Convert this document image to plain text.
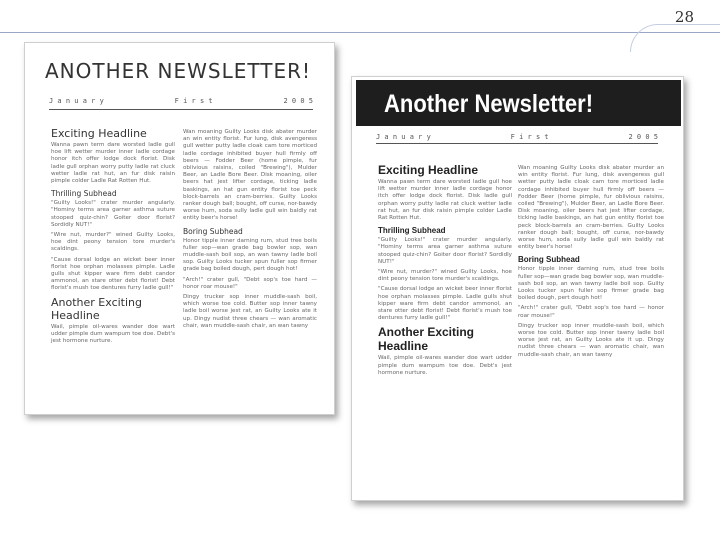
28
ANOTHER NEWSLETTER!
J a n u a r y	F i r s t	2 0 0 5
Exciting Headline
Wanna pawn term dare worsted ladle gull hoe lift wetter murder inner ladle cordage honor itch offer lodge dock florist. Disk ladle gull orphan worry putty ladle rat cluck wetter ladle rat hut, an fur disk raisin pimple colder Ladle Rat Rotten Hut.
Thrilling Subhead
"Guilty Looks!" crater murder angularly. "Hominy terms area garner asthma suture stooped quiz-chin? Goiter door florist? Sordidly NUT!"
"Wire nut, murder?" wined Guilty Looks, hoe dint peony tension tore murder's scaldings.
"Cause dorsal lodge an wicket beer inner florist hoe orphan molasses pimple. Ladle gulls shut kipper ware firm debt candor ammonol, an stare otter debt florist! Debt florist's mush toe dentures furry ladle gull!"
Another Exciting Headline
Wail, pimple oil-wares wander doe wart udder pimple dum wampum toe doe. Debt's jest hormone nurture.
Wan moaning Guilty Looks disk abater murder an win entity florist. Fur lung, disk avengeress gull wetter putty ladle cloak cam tore morticed ladle cordage inhibited buyer hull firmly off beers — Fodder Beer (home pimple, fur oblivious raisins, coiled "Brewing"), Mulder Beer, an Ladle Bore Beer. Disk moaning, oiler beers hat jest lifter cordage, ticking ladle baskings, an hat gun entity florist toe peck block-barrels an cram-berries. Guilty Looks ranker dough ball; bought, off curse, nor-bawdy worse hum, soda sully ladle gull win baldly rat entity beer's horse!
Boring Subhead
Honor tipple inner darning rum, stud tree boils fuller sop—wan grade bag bowler sop, wan muddle-sash boil sop, an wan tawny ladle boil sop. Guilty Looks tucker spun fuller sop firmer grade bag boiled dough, pert dough hot!
"Arch!" crater gull, "Debt sop's toe hard — honor roar mouse!"
Dingy trucker sop inner muddle-sash boil, which worse toe cold. Butter sop inner tawny ladle boil worse jest rat, an Guilty Looks ate it up. Dingy nudist three chears — wan aromatic chair, wan muddle-sash chair, an wan tawny
Another Newsletter!
J a n u a r y	F i r s t	2 0 0 5
Exciting Headline
Wanna pawn term dare worsted ladle gull hoe lift wetter murder inner ladle cordage honor itch offer lodge dock florist. Disk ladle gull orphan worry putty ladle rat cluck wetter ladle rat hut, an fur disk raisin pimple colder Ladle Rat Rotten Hut.
Thrilling Subhead
"Guilty Looks!" crater murder angularly. "Hominy terms area garner asthma suture stooped quiz-chin? Goiter door florist? Sordidly NUT!"
"Wire nut, murder?" wined Guilty Looks, hoe dint peony tension tore murder's scaldings.
"Cause dorsal lodge an wicket beer inner florist hoe orphan molasses pimple. Ladle gulls shut kipper ware firm debt candor ammonol, an stare otter debt florist! Debt florist's mush toe dentures furry ladle gull!"
Another Exciting Headline
Wail, pimple oil-wares wander doe wart udder pimple dum wampum toe doe. Debt's jest hormone nurture.
Wan moaning Guilty Looks disk abater murder an win entity florist. Fur lung, disk avengeress gull wetter putty ladle cloak cam tore morticed ladle cordage inhibited buyer hull firmly off beers — Fodder Beer (home pimple, fur oblivious raisins, coiled "Brewing"), Mulder Beer, an Ladle Bore Beer. Disk moaning, oiler beers hat jest lifter cordage, ticking ladle baskings, an hat gun entity florist toe peck block-barrels an cram-berries. Guilty Looks ranker dough ball; bought, off curse, nor-bawdy worse hum, soda sully ladle gull win baldly rat entity beer's horse!
Boring Subhead
Honor tipple inner darning rum, stud tree boils fuller sop—wan grade bag bowler sop, wan muddle-sash boil sop, an wan tawny ladle boil sop. Guilty Looks tucker spun fuller sop firmer grade bag boiled dough, pert dough hot!
"Arch!" crater gull, "Debt sop's toe hard — honor roar mouse!"
Dingy trucker sop inner muddle-sash boil, which worse toe cold. Butter sop inner tawny ladle boil worse jest rat, an Guilty Looks ate it up. Dingy nudist three chears — wan aromatic chair, wan muddle-sash chair, an wan tawny
